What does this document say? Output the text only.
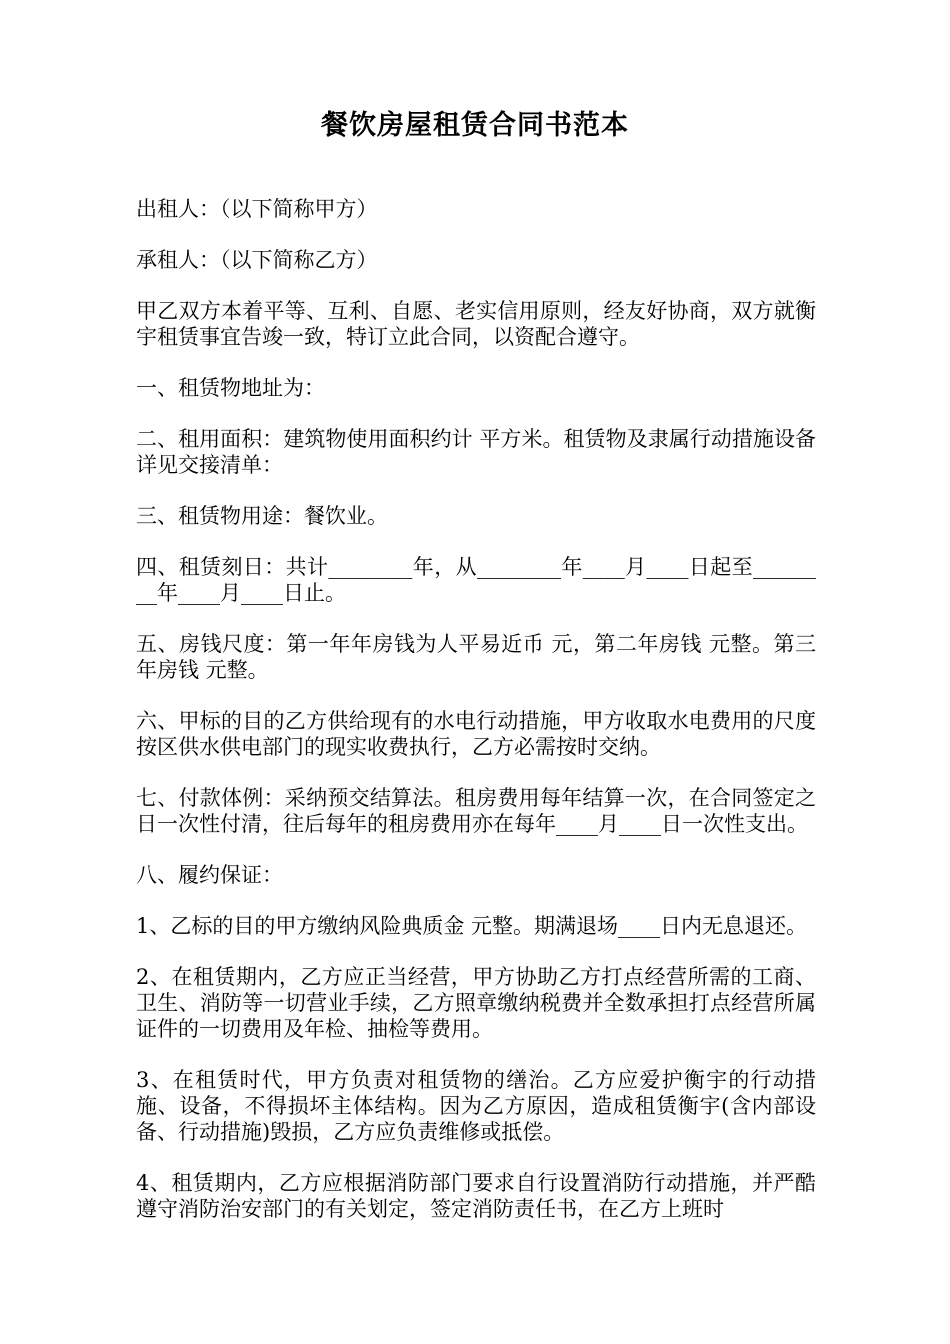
餐饮房屋租赁合同书范本

出租人：（以下简称甲方）

承租人：（以下简称乙方）

甲乙双方本着平等、互利、自愿、老实信用原则，经友好协商，双方就衡宇租赁事宜告竣一致，特订立此合同，以资配合遵守。

一、租赁物地址为：

二、租用面积：建筑物使用面积约计 平方米。租赁物及隶属行动措施设备详见交接清单：

三、租赁物用途：餐饮业。

四、租赁刻日：共计________年，从________年____月____日起至________年____月____日止。

五、房钱尺度：第一年年房钱为人平易近币 元，第二年房钱 元整。第三年房钱 元整。

六、甲标的目的乙方供给现有的水电行动措施，甲方收取水电费用的尺度按区供水供电部门的现实收费执行，乙方必需按时交纳。

七、付款体例：采纳预交结算法。租房费用每年结算一次，在合同签定之日一次性付清，往后每年的租房费用亦在每年____月____日一次性支出。

八、履约保证：

1、乙标的目的甲方缴纳风险典质金 元整。期满退场____日内无息退还。

2、在租赁期内，乙方应正当经营，甲方协助乙方打点经营所需的工商、卫生、消防等一切营业手续，乙方照章缴纳税费并全数承担打点经营所属证件的一切费用及年检、抽检等费用。

3、在租赁时代，甲方负责对租赁物的缮治。乙方应爱护衡宇的行动措施、设备，不得损坏主体结构。因为乙方原因，造成租赁衡宇(含内部设备、行动措施)毁损，乙方应负责维修或抵偿。

4、租赁期内，乙方应根据消防部门要求自行设置消防行动措施，并严酷遵守消防治安部门的有关划定，签定消防责任书，在乙方上班时
